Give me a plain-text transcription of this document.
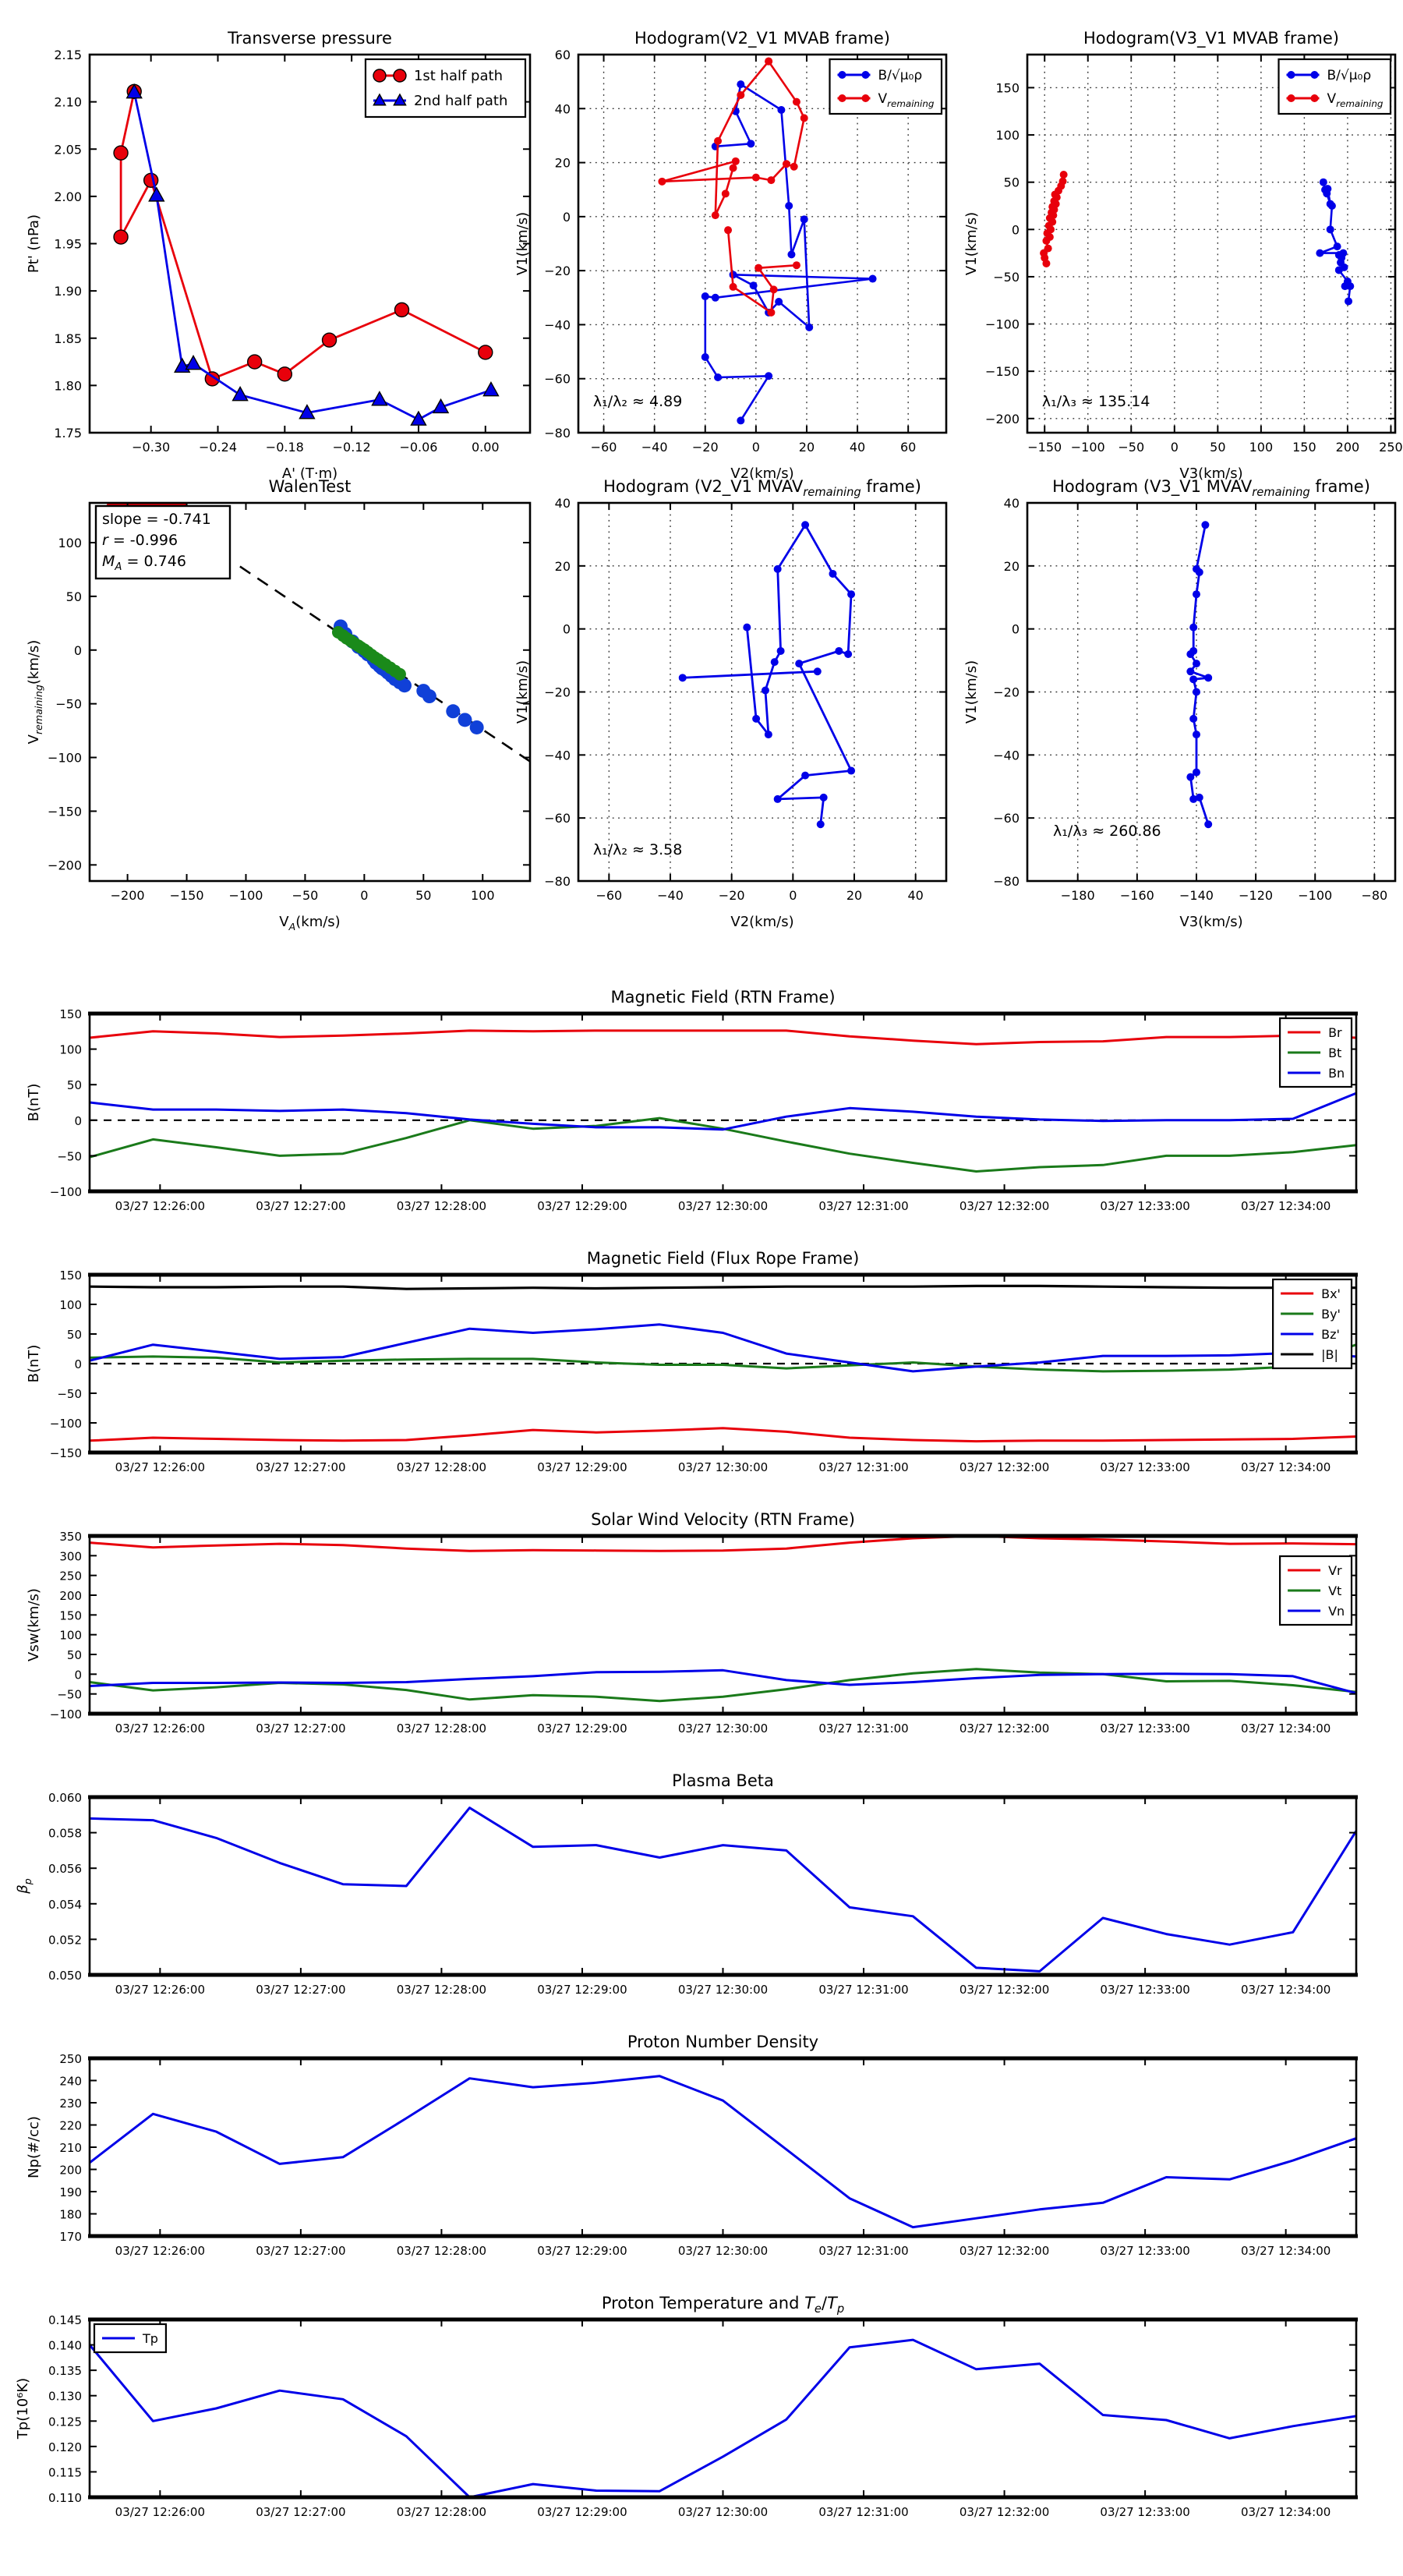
−0.30 −0.24 −0.18 −0.12 −0.06	0.00
1.75
1.80
1.85
1.90
1.95
2.00
2.05
2.10
2.15
Transverse pressure
A' (T·m)
Pt' (nPa)
1st half path
2nd half path
−60 −40 −20	0	20	40	60
−80
−60
−40
−20
0
20
40
60
Hodogram(V2_V1 MVAB frame)
V2(km/s)
V1(km/s)
λ₁/λ₂ ≈ 4.89
B/√μ₀ρ
$V_{remaining}$
−150 −100 −50 0	50 100 150 200 250
−200
−150
−100
−50
0
50
100
150
Hodogram(V3_V1 MVAB frame)
V3(km/s)
V1(km/s)
λ₁/λ₃ ≈ 135.14
B/√μ₀ρ
$V_{remaining}$
−200 −150 −100 −50	0	50	100
−200
−150
−100
−50
0
50
100
WalenTest
$V_A(km/s)$
$V_{remaining}(km/s)$
slope = -0.741
r = -0.996
$M_A = 0.746$
−60	−40	−20	0	20	40
−80
−60
−40
−20
0
20
40
Hodogram (V2_V1 $MVAV_{remaining}$ frame)
V2(km/s)
V1(km/s)
λ₁/λ₂ ≈ 3.58
−180 −160 −140 −120 −100 −80
−80
−60
−40
−20
0
20
40
Hodogram (V3_V1 $MVAV_{remaining}$ frame)
V3(km/s)
V1(km/s)
λ₁/λ₃ ≈ 260.86
03/27 12:26:00	03/27 12:27:00	03/27 12:28:00	03/27 12:29:00	03/27 12:30:00	03/27 12:31:00	03/27 12:32:00	03/27 12:33:00	03/27 12:34:00
−100
−50
0
50
100
150
Magnetic Field (RTN Frame)
B(nT)
Br
Bt
Bn
03/27 12:26:00	03/27 12:27:00	03/27 12:28:00	03/27 12:29:00	03/27 12:30:00	03/27 12:31:00	03/27 12:32:00	03/27 12:33:00	03/27 12:34:00
−150
−100
−50
0
50
100
150
Magnetic Field (Flux Rope Frame)
B(nT)
Bx'
By'
Bz'
|B|
03/27 12:26:00	03/27 12:27:00	03/27 12:28:00	03/27 12:29:00	03/27 12:30:00	03/27 12:31:00	03/27 12:32:00	03/27 12:33:00	03/27 12:34:00
−100
−50
0
50
100
150
200
250
300
350
Solar Wind Velocity (RTN Frame)
Vsw(km/s)
Vr
Vt
Vn
03/27 12:26:00	03/27 12:27:00	03/27 12:28:00	03/27 12:29:00	03/27 12:30:00	03/27 12:31:00	03/27 12:32:00	03/27 12:33:00	03/27 12:34:00
0.050
0.052
0.054
0.056
0.058
0.060
Plasma Beta
$\beta_p$
03/27 12:26:00	03/27 12:27:00	03/27 12:28:00	03/27 12:29:00	03/27 12:30:00	03/27 12:31:00	03/27 12:32:00	03/27 12:33:00	03/27 12:34:00
170
180
190
200
210
220
230
240
250
Proton Number Density
Np(#/cc)
03/27 12:26:00	03/27 12:27:00	03/27 12:28:00	03/27 12:29:00	03/27 12:30:00	03/27 12:31:00	03/27 12:32:00	03/27 12:33:00	03/27 12:34:00
0.110
0.115
0.120
0.125
0.130
0.135
0.140
0.145
Proton Temperature and $T_e/T_p$
Tp(10⁶K)
Tp
